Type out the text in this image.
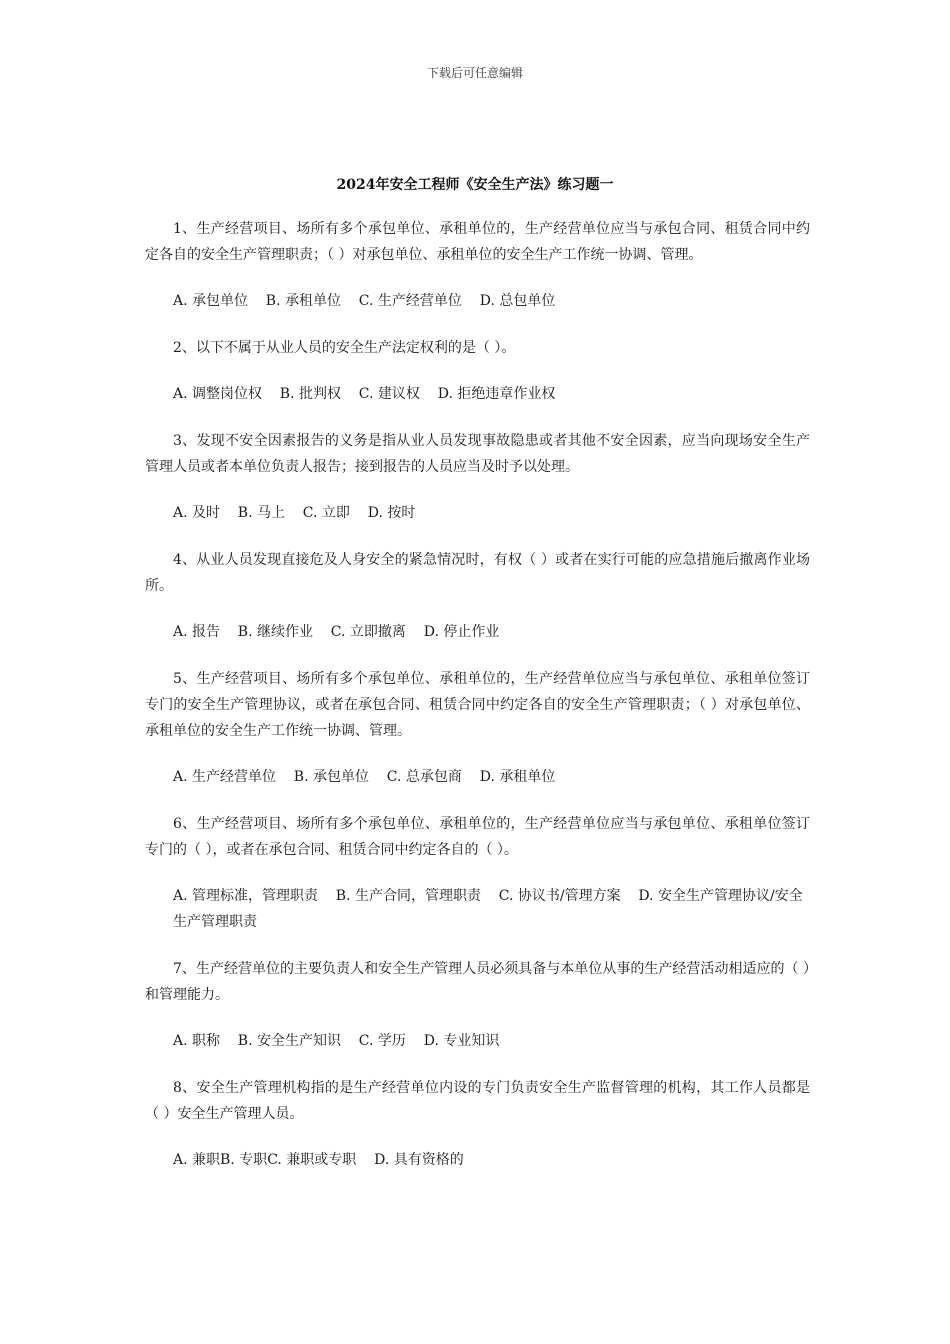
下载后可任意编辑
2024年安全工程师《安全生产法》练习题一

1、生产经营项目、场所有多个承包单位、承租单位的，生产经营单位应当与承包合同、租赁合同中约定各自的安全生产管理职责；（ ）对承包单位、承租单位的安全生产工作统一协调、管理。

A. 承包单位    B. 承租单位    C. 生产经营单位    D. 总包单位

2、以下不属于从业人员的安全生产法定权利的是（ ）。

A. 调整岗位权    B. 批判权    C. 建议权    D. 拒绝违章作业权

3、发现不安全因素报告的义务是指从业人员发现事故隐患或者其他不安全因素，应当向现场安全生产管理人员或者本单位负责人报告；接到报告的人员应当及时予以处理。

A. 及时    B. 马上    C. 立即    D. 按时

4、从业人员发现直接危及人身安全的紧急情况时，有权（ ）或者在实行可能的应急措施后撤离作业场所。

A. 报告    B. 继续作业    C. 立即撤离    D. 停止作业

5、生产经营项目、场所有多个承包单位、承租单位的，生产经营单位应当与承包单位、承租单位签订专门的安全生产管理协议，或者在承包合同、租赁合同中约定各自的安全生产管理职责；（ ）对承包单位、承租单位的安全生产工作统一协调、管理。

A. 生产经营单位    B. 承包单位    C. 总承包商    D. 承租单位

6、生产经营项目、场所有多个承包单位、承租单位的，生产经营单位应当与承包单位、承租单位签订专门的（ ），或者在承包合同、租赁合同中约定各自的（ ）。

A. 管理标准，管理职责    B. 生产合同，管理职责    C. 协议书/管理方案    D. 安全生产管理协议/安全生产管理职责

7、生产经营单位的主要负责人和安全生产管理人员必须具备与本单位从事的生产经营活动相适应的（ ）和管理能力。

A. 职称    B. 安全生产知识    C. 学历    D. 专业知识

8、安全生产管理机构指的是生产经营单位内设的专门负责安全生产监督管理的机构，其工作人员都是（ ）安全生产管理人员。

A. 兼职B. 专职C. 兼职或专职    D. 具有资格的
